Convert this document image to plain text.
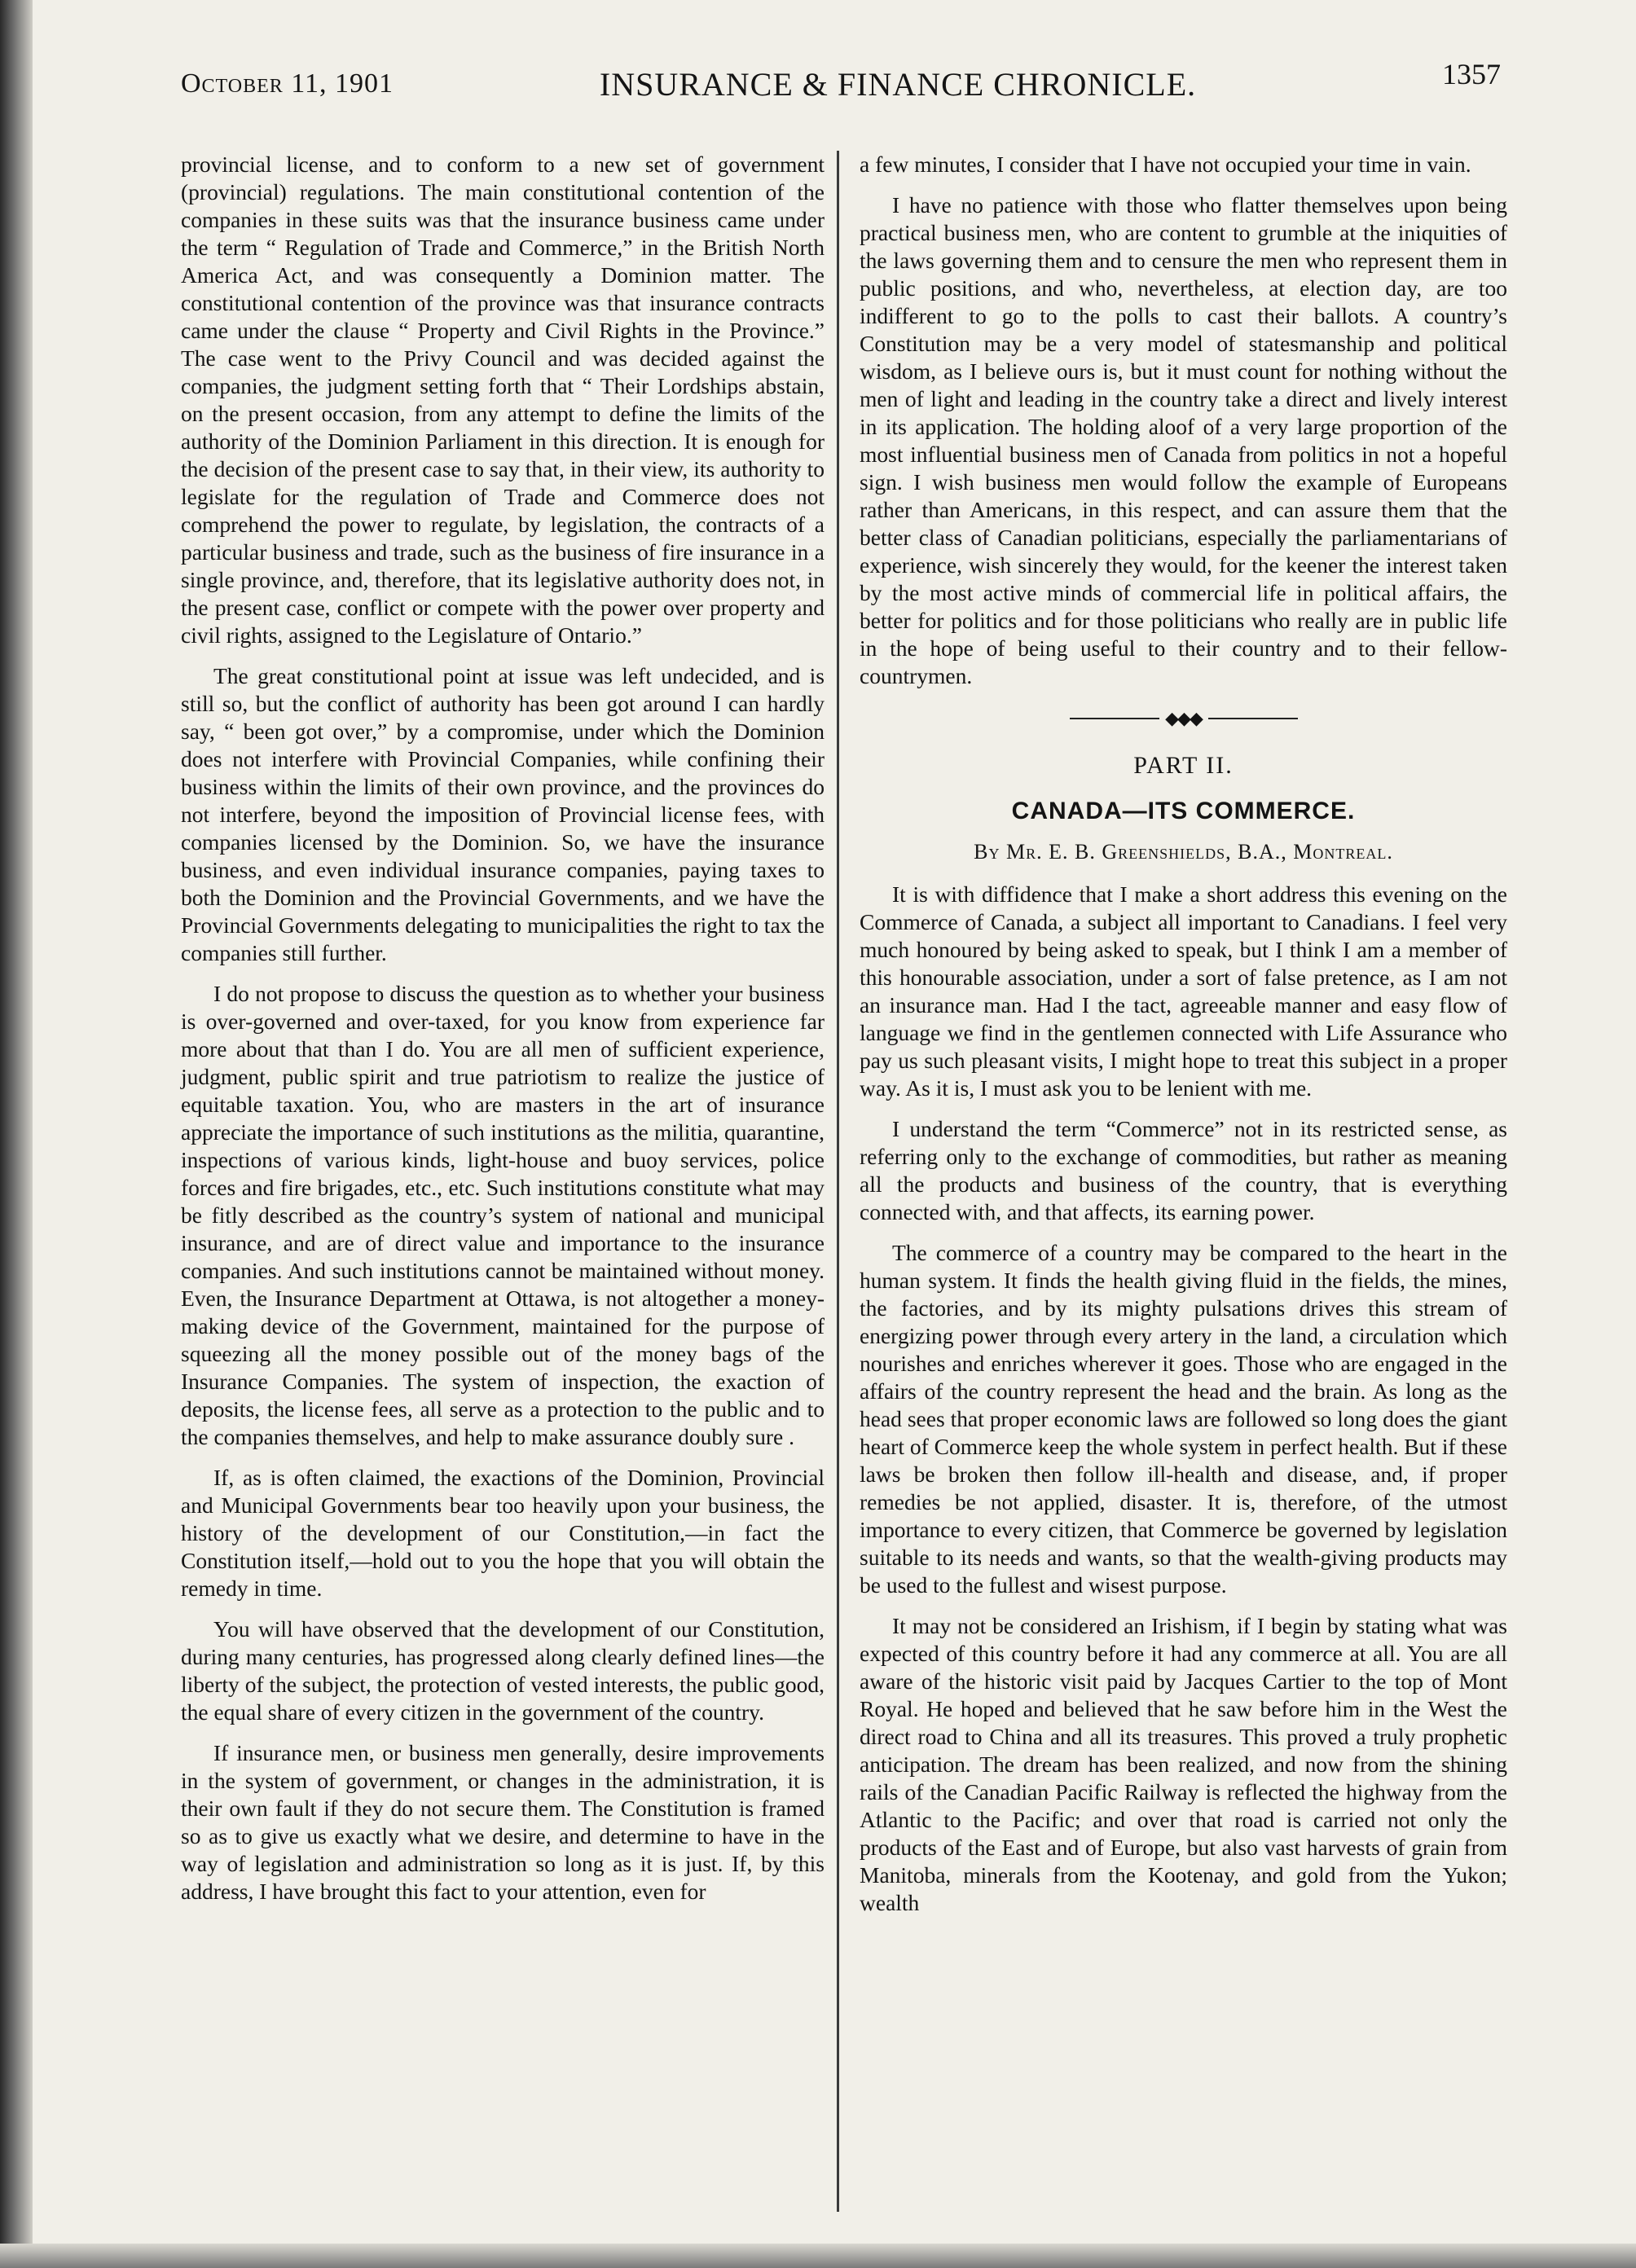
October 11, 1901	INSURANCE & FINANCE CHRONICLE.	1357

provincial license, and to conform to a new set of government (provincial) regulations. The main constitutional contention of the companies in these suits was that the insurance business came under the term “ Regulation of Trade and Commerce,” in the British North America Act, and was consequently a Dominion matter. The constitutional contention of the province was that insurance contracts came under the clause “ Property and Civil Rights in the Province.” The case went to the Privy Council and was decided against the companies, the judgment setting forth that “ Their Lordships abstain, on the present occasion, from any attempt to define the limits of the authority of the Dominion Parliament in this direction. It is enough for the decision of the present case to say that, in their view, its authority to legislate for the regulation of Trade and Commerce does not comprehend the power to regulate, by legislation, the contracts of a particular business and trade, such as the business of fire insurance in a single province, and, therefore, that its legislative authority does not, in the present case, conflict or compete with the power over property and civil rights, assigned to the Legislature of Ontario.”

The great constitutional point at issue was left undecided, and is still so, but the conflict of authority has been got around I can hardly say, “ been got over,” by a compromise, under which the Dominion does not interfere with Provincial Companies, while confining their business within the limits of their own province, and the provinces do not interfere, beyond the imposition of Provincial license fees, with companies licensed by the Dominion. So, we have the insurance business, and even individual insurance companies, paying taxes to both the Dominion and the Provincial Governments, and we have the Provincial Governments delegating to municipalities the right to tax the companies still further.

I do not propose to discuss the question as to whether your business is over-governed and over-taxed, for you know from experience far more about that than I do. You are all men of sufficient experience, judgment, public spirit and true patriotism to realize the justice of equitable taxation. You, who are masters in the art of insurance appreciate the importance of such institutions as the militia, quarantine, inspections of various kinds, light-house and buoy services, police forces and fire brigades, etc., etc. Such institutions constitute what may be fitly described as the country’s system of national and municipal insurance, and are of direct value and importance to the insurance companies. And such institutions cannot be maintained without money. Even, the Insurance Department at Ottawa, is not altogether a money-making device of the Government, maintained for the purpose of squeezing all the money possible out of the money bags of the Insurance Companies. The system of inspection, the exaction of deposits, the license fees, all serve as a protection to the public and to the companies themselves, and help to make assurance doubly sure .

If, as is often claimed, the exactions of the Dominion, Provincial and Municipal Governments bear too heavily upon your business, the history of the development of our Constitution,—in fact the Constitution itself,—hold out to you the hope that you will obtain the remedy in time.

You will have observed that the development of our Constitution, during many centuries, has progressed along clearly defined lines—the liberty of the subject, the protection of vested interests, the public good, the equal share of every citizen in the government of the country.

If insurance men, or business men generally, desire improvements in the system of government, or changes in the administration, it is their own fault if they do not secure them. The Constitution is framed so as to give us exactly what we desire, and determine to have in the way of legislation and administration so long as it is just. If, by this address, I have brought this fact to your attention, even for

a few minutes, I consider that I have not occupied your time in vain.

I have no patience with those who flatter themselves upon being practical business men, who are content to grumble at the iniquities of the laws governing them and to censure the men who represent them in public positions, and who, nevertheless, at election day, are too indifferent to go to the polls to cast their ballots. A country’s Constitution may be a very model of statesmanship and political wisdom, as I believe ours is, but it must count for nothing without the men of light and leading in the country take a direct and lively interest in its application. The holding aloof of a very large proportion of the most influential business men of Canada from politics in not a hopeful sign. I wish business men would follow the example of Europeans rather than Americans, in this respect, and can assure them that the better class of Canadian politicians, especially the parliamentarians of experience, wish sincerely they would, for the keener the interest taken by the most active minds of commercial life in political affairs, the better for politics and for those politicians who really are in public life in the hope of being useful to their country and to their fellow-countrymen.

◆◆◆
PART II.
CANADA—ITS COMMERCE.
By Mr. E. B. Greenshields, B.A., Montreal.

It is with diffidence that I make a short address this evening on the Commerce of Canada, a subject all important to Canadians. I feel very much honoured by being asked to speak, but I think I am a member of this honourable association, under a sort of false pretence, as I am not an insurance man. Had I the tact, agreeable manner and easy flow of language we find in the gentlemen connected with Life Assurance who pay us such pleasant visits, I might hope to treat this subject in a proper way. As it is, I must ask you to be lenient with me.

I understand the term “Commerce” not in its restricted sense, as referring only to the exchange of commodities, but rather as meaning all the products and business of the country, that is everything connected with, and that affects, its earning power.

The commerce of a country may be compared to the heart in the human system. It finds the health giving fluid in the fields, the mines, the factories, and by its mighty pulsations drives this stream of energizing power through every artery in the land, a circulation which nourishes and enriches wherever it goes. Those who are engaged in the affairs of the country represent the head and the brain. As long as the head sees that proper economic laws are followed so long does the giant heart of Commerce keep the whole system in perfect health. But if these laws be broken then follow ill-health and disease, and, if proper remedies be not applied, disaster. It is, therefore, of the utmost importance to every citizen, that Commerce be governed by legislation suitable to its needs and wants, so that the wealth-giving products may be used to the fullest and wisest purpose.

It may not be considered an Irishism, if I begin by stating what was expected of this country before it had any commerce at all. You are all aware of the historic visit paid by Jacques Cartier to the top of Mont Royal. He hoped and believed that he saw before him in the West the direct road to China and all its treasures. This proved a truly prophetic anticipation. The dream has been realized, and now from the shining rails of the Canadian Pacific Railway is reflected the highway from the Atlantic to the Pacific; and over that road is carried not only the products of the East and of Europe, but also vast harvests of grain from Manitoba, minerals from the Kootenay, and gold from the Yukon; wealth
